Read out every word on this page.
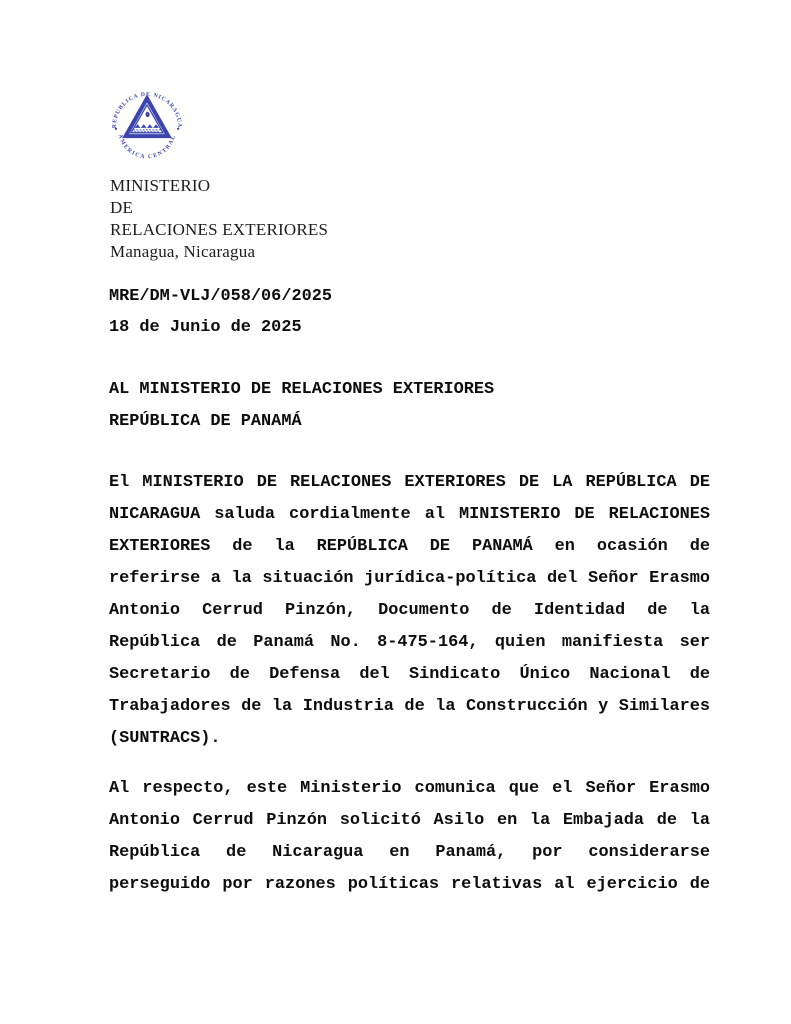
REPUBLICA DE NICARAGUA
AMERICA CENTRAL
MINISTERIO
DE
RELACIONES EXTERIORES
Managua, Nicaragua
MRE/DM-VLJ/058/06/2025
18 de Junio de 2025
AL MINISTERIO DE RELACIONES EXTERIORES
REPÚBLICA DE PANAMÁ
El MINISTERIO DE RELACIONES EXTERIORES DE LA REPÚBLICA DE
NICARAGUA saluda cordialmente al MINISTERIO DE RELACIONES
EXTERIORES de la REPÚBLICA DE PANAMÁ en ocasión de
referirse a la situación jurídica-política del Señor Erasmo
Antonio Cerrud Pinzón, Documento de Identidad de la
República de Panamá No. 8-475-164, quien manifiesta ser
Secretario de Defensa del Sindicato Único Nacional de
Trabajadores de la Industria de la Construcción y Similares
(SUNTRACS).
Al respecto, este Ministerio comunica que el Señor Erasmo
Antonio Cerrud Pinzón solicitó Asilo en la Embajada de la
República de Nicaragua en Panamá, por considerarse
perseguido por razones políticas relativas al ejercicio de
